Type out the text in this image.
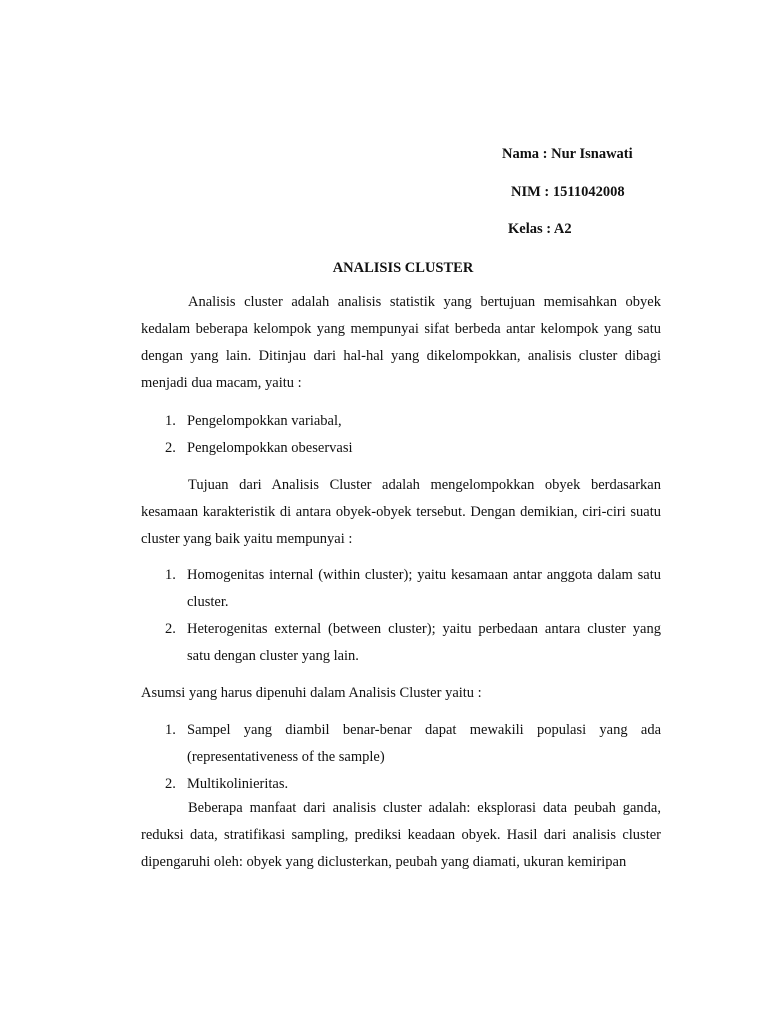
Nama : Nur Isnawati
NIM : 1511042008
Kelas : A2
ANALISIS CLUSTER
Analisis cluster adalah analisis statistik yang bertujuan memisahkan obyek kedalam beberapa kelompok yang mempunyai sifat berbeda antar kelompok yang satu dengan yang lain. Ditinjau dari hal-hal yang dikelompokkan, analisis cluster dibagi menjadi dua macam, yaitu :
1. Pengelompokkan variabal,
2. Pengelompokkan obeservasi
Tujuan dari Analisis Cluster adalah mengelompokkan obyek berdasarkan kesamaan karakteristik di antara obyek-obyek tersebut. Dengan demikian, ciri-ciri suatu cluster yang baik yaitu mempunyai :
1. Homogenitas internal (within cluster); yaitu kesamaan antar anggota dalam satu cluster.
2. Heterogenitas external (between cluster); yaitu perbedaan antara cluster yang satu dengan cluster yang lain.
Asumsi yang harus dipenuhi dalam Analisis Cluster yaitu :
1. Sampel yang diambil benar-benar dapat mewakili populasi yang ada (representativeness of the sample)
2. Multikolinieritas.
Beberapa manfaat dari analisis cluster adalah: eksplorasi data peubah ganda, reduksi data, stratifikasi sampling, prediksi keadaan obyek. Hasil dari analisis cluster dipengaruhi oleh: obyek yang diclusterkan, peubah yang diamati, ukuran kemiripan
